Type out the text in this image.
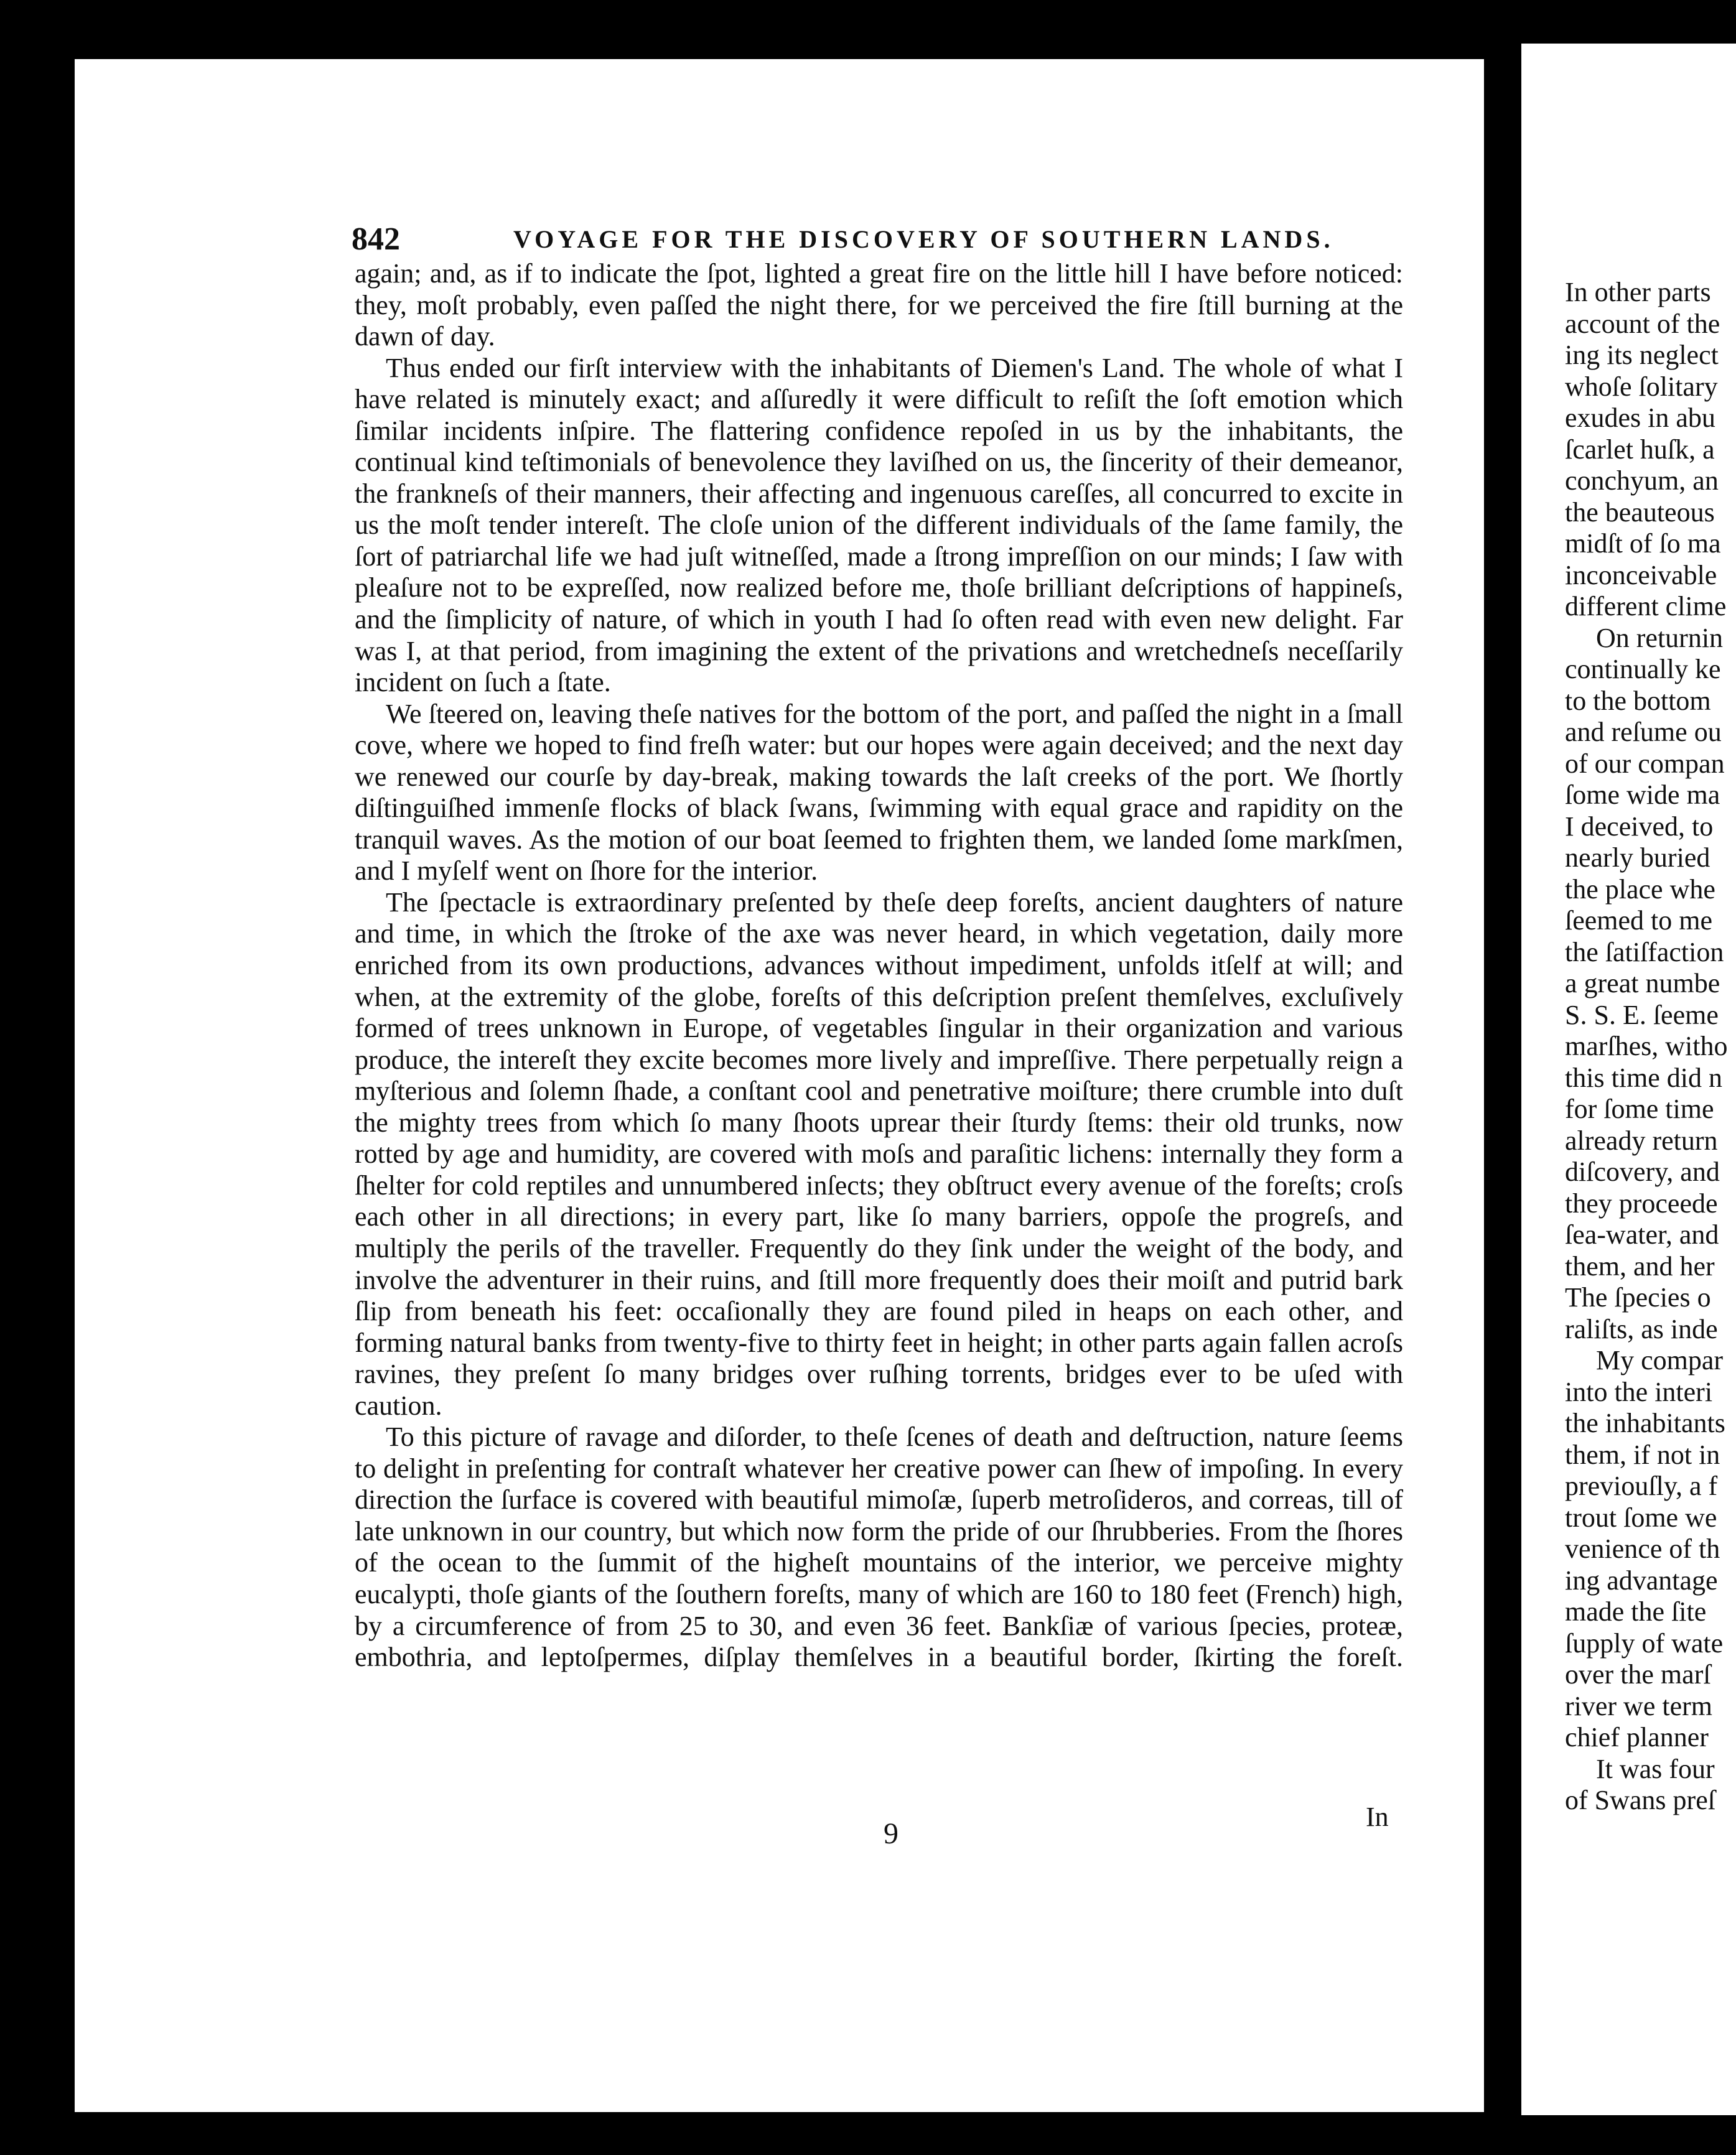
In other parts
account of the
ing its neglect
whoſe ſolitary
exudes in abu
ſcarlet huſk, a
conchyum, an
the beauteous
midſt of ſo ma
inconceivable
different clime
On returnin
continually ke
to the bottom
and reſume ou
of our compan
ſome wide ma
I deceived, to
nearly buried
the place whe
ſeemed to me
the ſatiſfaction
a great numbe
S. S. E. ſeeme
marſhes, witho
this time did n
for ſome time
already return
diſcovery, and
they proceede
ſea-water, and
them, and her
The ſpecies o
raliſts, as inde
My compar
into the interi
the inhabitants
them, if not in
previouſly, a f
trout ſome we
venience of th
ing advantage
made the ſite
ſupply of wate
over the marſ
river we term
chief planner
It was four
of Swans preſ
842	VOYAGE FOR THE DISCOVERY OF SOUTHERN LANDS.
again; and, as if to indicate the ſpot, lighted a great fire on the little hill I have before noticed: they, moſt probably, even paſſed the night there, for we perceived the fire ſtill burning at the dawn of day.
Thus ended our firſt interview with the inhabitants of Diemen's Land. The whole of what I have related is minutely exact; and aſſuredly it were difficult to reſiſt the ſoft emotion which ſimilar incidents inſpire. The flattering confidence repoſed in us by the inhabitants, the continual kind teſtimonials of benevolence they laviſhed on us, the ſincerity of their demeanor, the frankneſs of their manners, their affecting and ingenuous careſſes, all concurred to excite in us the moſt tender intereſt. The cloſe union of the different individuals of the ſame family, the ſort of patriarchal life we had juſt witneſſed, made a ſtrong impreſſion on our minds; I ſaw with pleaſure not to be expreſſed, now realized before me, thoſe brilliant deſcriptions of happineſs, and the ſimplicity of nature, of which in youth I had ſo often read with even new delight. Far was I, at that period, from imagining the extent of the privations and wretchedneſs neceſſarily incident on ſuch a ſtate.
We ſteered on, leaving theſe natives for the bottom of the port, and paſſed the night in a ſmall cove, where we hoped to find freſh water: but our hopes were again deceived; and the next day we renewed our courſe by day-break, making towards the laſt creeks of the port. We ſhortly diſtinguiſhed immenſe flocks of black ſwans, ſwimming with equal grace and rapidity on the tranquil waves. As the motion of our boat ſeemed to frighten them, we landed ſome markſmen, and I myſelf went on ſhore for the interior.
The ſpectacle is extraordinary preſented by theſe deep foreſts, ancient daughters of nature and time, in which the ſtroke of the axe was never heard, in which vegetation, daily more enriched from its own productions, advances without impediment, unfolds itſelf at will; and when, at the extremity of the globe, foreſts of this deſcription preſent themſelves, excluſively formed of trees unknown in Europe, of vegetables ſingular in their organization and various produce, the intereſt they excite becomes more lively and impreſſive. There perpetually reign a myſterious and ſolemn ſhade, a conſtant cool and penetrative moiſture; there crumble into duſt the mighty trees from which ſo many ſhoots uprear their ſturdy ſtems: their old trunks, now rotted by age and humidity, are covered with moſs and paraſitic lichens: internally they form a ſhelter for cold reptiles and unnumbered inſects; they obſtruct every avenue of the foreſts; croſs each other in all directions; in every part, like ſo many barriers, oppoſe the progreſs, and multiply the perils of the traveller. Frequently do they ſink under the weight of the body, and involve the adventurer in their ruins, and ſtill more frequently does their moiſt and putrid bark ſlip from beneath his feet: occaſionally they are found piled in heaps on each other, and forming natural banks from twenty-five to thirty feet in height; in other parts again fallen acroſs ravines, they preſent ſo many bridges over ruſhing torrents, bridges ever to be uſed with caution.
To this picture of ravage and diſorder, to theſe ſcenes of death and deſtruction, nature ſeems to delight in preſenting for contraſt whatever her creative power can ſhew of impoſing. In every direction the ſurface is covered with beautiful mimoſæ, ſuperb metroſideros, and correas, till of late unknown in our country, but which now form the pride of our ſhrubberies. From the ſhores of the ocean to the ſummit of the higheſt mountains of the interior, we perceive mighty eucalypti, thoſe giants of the ſouthern foreſts, many of which are 160 to 180 feet (French) high, by a circumference of from 25 to 30, and even 36 feet. Bankſiæ of various ſpecies, proteæ, embothria, and leptoſpermes, diſplay themſelves in a beautiful border, ſkirting the foreſt.
9
In
